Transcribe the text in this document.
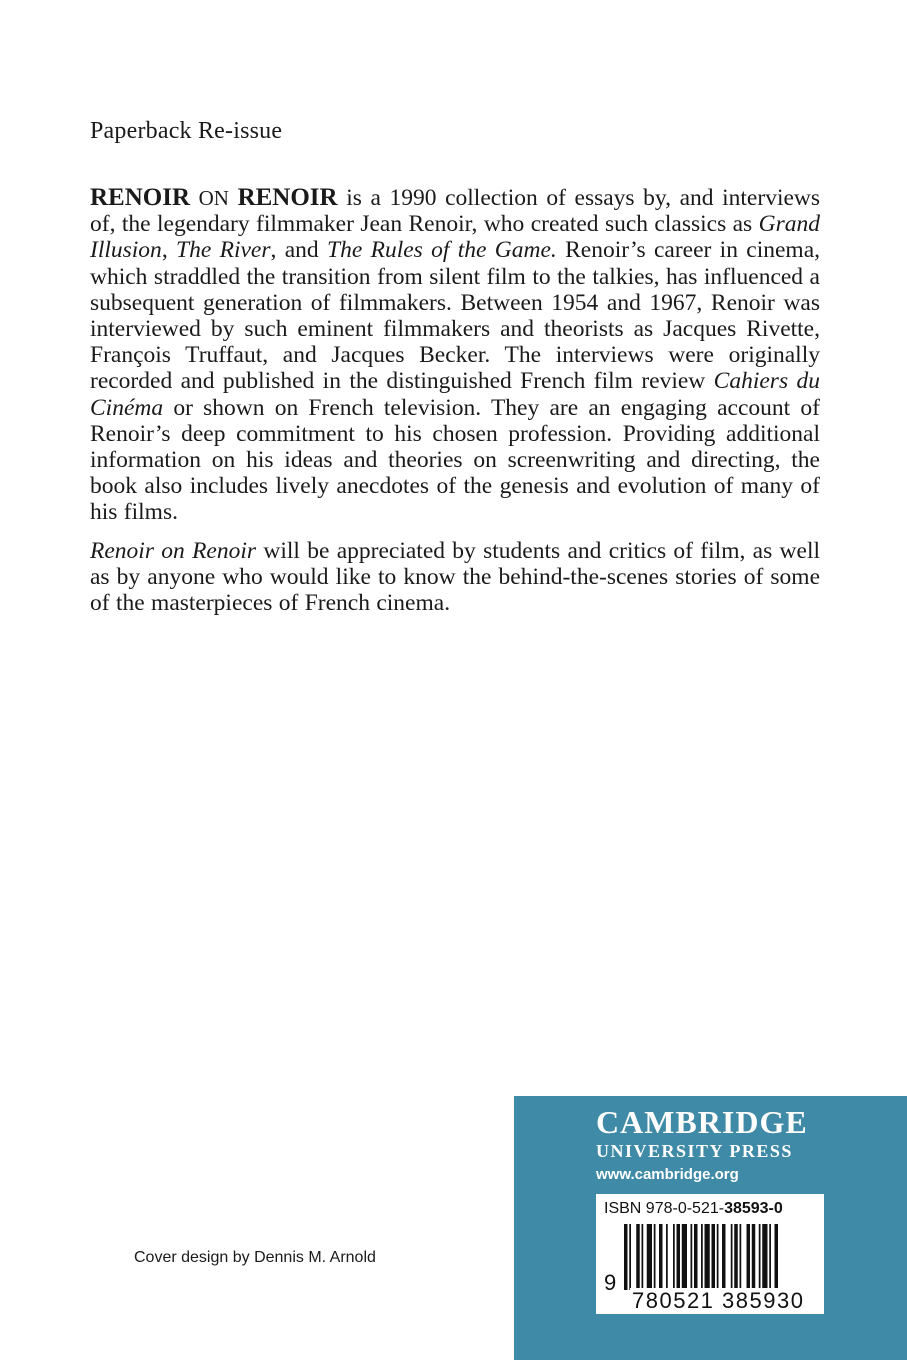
Paperback Re-issue

RENOIR ON RENOIR is a 1990 collection of essays by, and interviews of, the legendary filmmaker Jean Renoir, who created such classics as Grand Illusion, The River, and The Rules of the Game. Renoir’s career in cinema, which straddled the transition from silent film to the talkies, has influenced a subsequent generation of filmmakers. Between 1954 and 1967, Renoir was interviewed by such eminent filmmakers and theorists as Jacques Rivette, François Truffaut, and Jacques Becker. The interviews were originally recorded and published in the distinguished French film review Cahiers du Cinéma or shown on French television. They are an engaging account of Renoir’s deep commitment to his chosen profession. Providing additional information on his ideas and theories on screenwriting and directing, the book also includes lively anecdotes of the genesis and evolution of many of his films.

Renoir on Renoir will be appreciated by students and critics of film, as well as by anyone who would like to know the behind-the-scenes stories of some of the masterpieces of French cinema.

Cover design by Dennis M. Arnold
CAMBRIDGE
UNIVERSITY PRESS
www.cambridge.org
ISBN 978-0-521-38593-0
9
780521 385930
